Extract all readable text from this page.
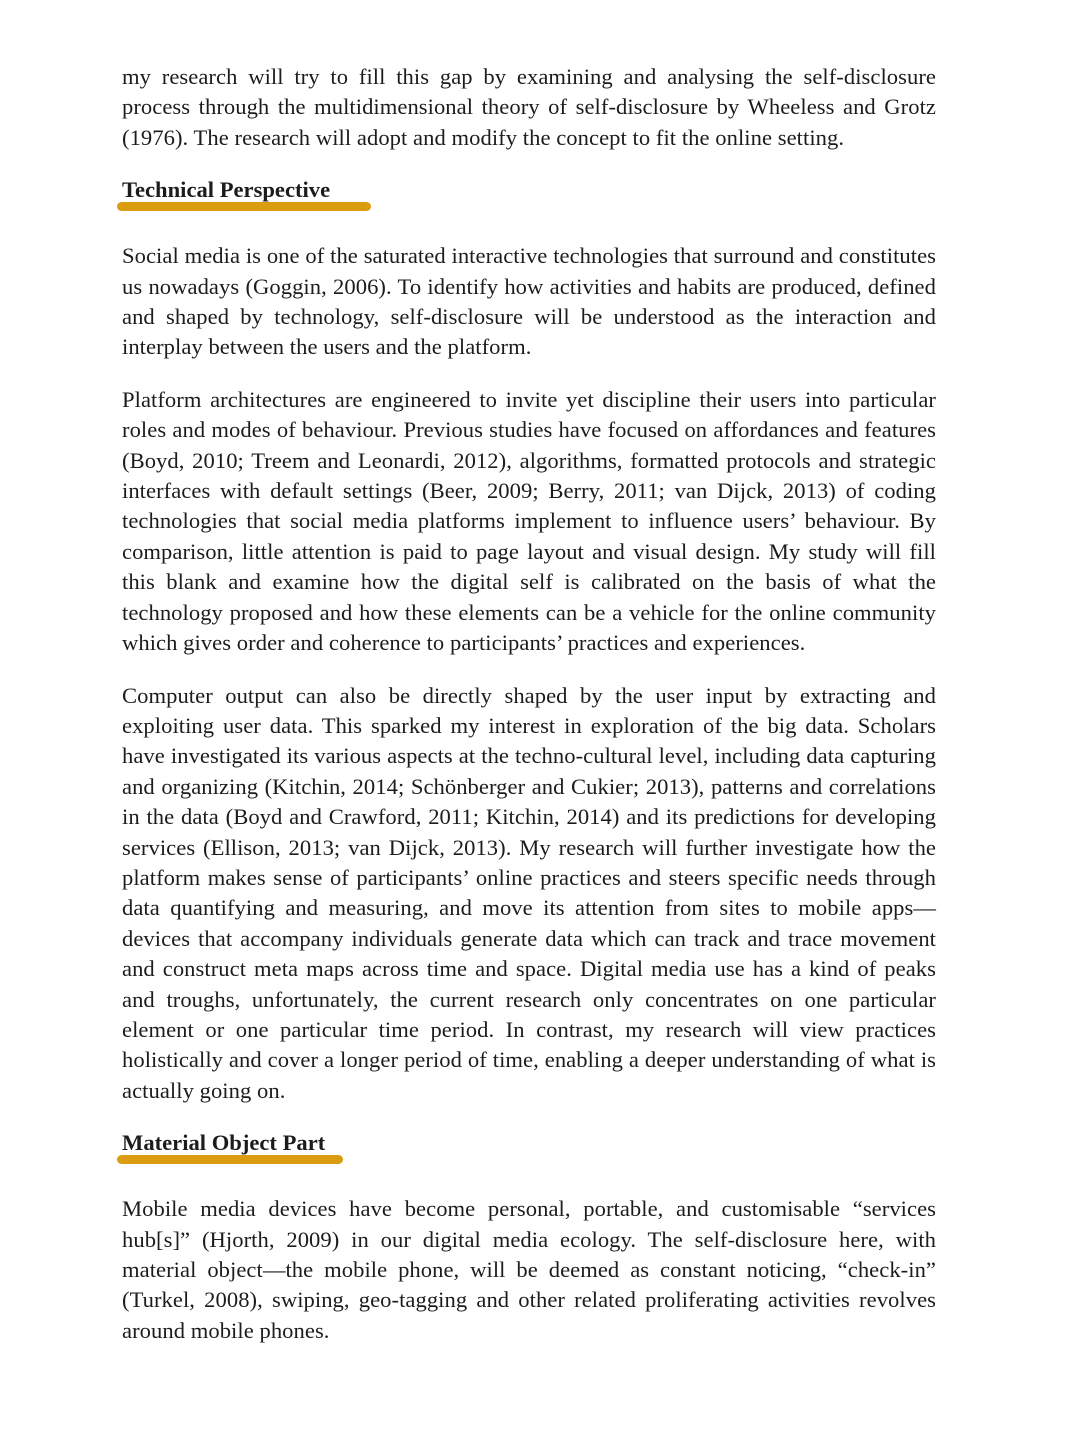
my research will try to fill this gap by examining and analysing the self-disclosure process through the multidimensional theory of self-disclosure by Wheeless and Grotz (1976). The research will adopt and modify the concept to fit the online setting.

Technical Perspective

Social media is one of the saturated interactive technologies that surround and constitutes us nowadays (Goggin, 2006). To identify how activities and habits are produced, defined and shaped by technology, self-disclosure will be understood as the interaction and interplay between the users and the platform.

Platform architectures are engineered to invite yet discipline their users into particular roles and modes of behaviour. Previous studies have focused on affordances and features (Boyd, 2010; Treem and Leonardi, 2012), algorithms, formatted protocols and strategic interfaces with default settings (Beer, 2009; Berry, 2011; van Dijck, 2013) of coding technologies that social media platforms implement to influence users’ behaviour. By comparison, little attention is paid to page layout and visual design. My study will fill this blank and examine how the digital self is calibrated on the basis of what the technology proposed and how these elements can be a vehicle for the online community which gives order and coherence to participants’ practices and experiences.

Computer output can also be directly shaped by the user input by extracting and exploiting user data. This sparked my interest in exploration of the big data. Scholars have investigated its various aspects at the techno-cultural level, including data capturing and organizing (Kitchin, 2014; Schönberger and Cukier; 2013), patterns and correlations in the data (Boyd and Crawford, 2011; Kitchin, 2014) and its predictions for developing services (Ellison, 2013; van Dijck, 2013). My research will further investigate how the platform makes sense of participants’ online practices and steers specific needs through data quantifying and measuring, and move its attention from sites to mobile apps—devices that accompany individuals generate data which can track and trace movement and construct meta maps across time and space. Digital media use has a kind of peaks and troughs, unfortunately, the current research only concentrates on one particular element or one particular time period. In contrast, my research will view practices holistically and cover a longer period of time, enabling a deeper understanding of what is actually going on.

Material Object Part

Mobile media devices have become personal, portable, and customisable “services hub[s]” (Hjorth, 2009) in our digital media ecology. The self-disclosure here, with material object—the mobile phone, will be deemed as constant noticing, “check-in” (Turkel, 2008), swiping, geo-tagging and other related proliferating activities revolves around mobile phones.
